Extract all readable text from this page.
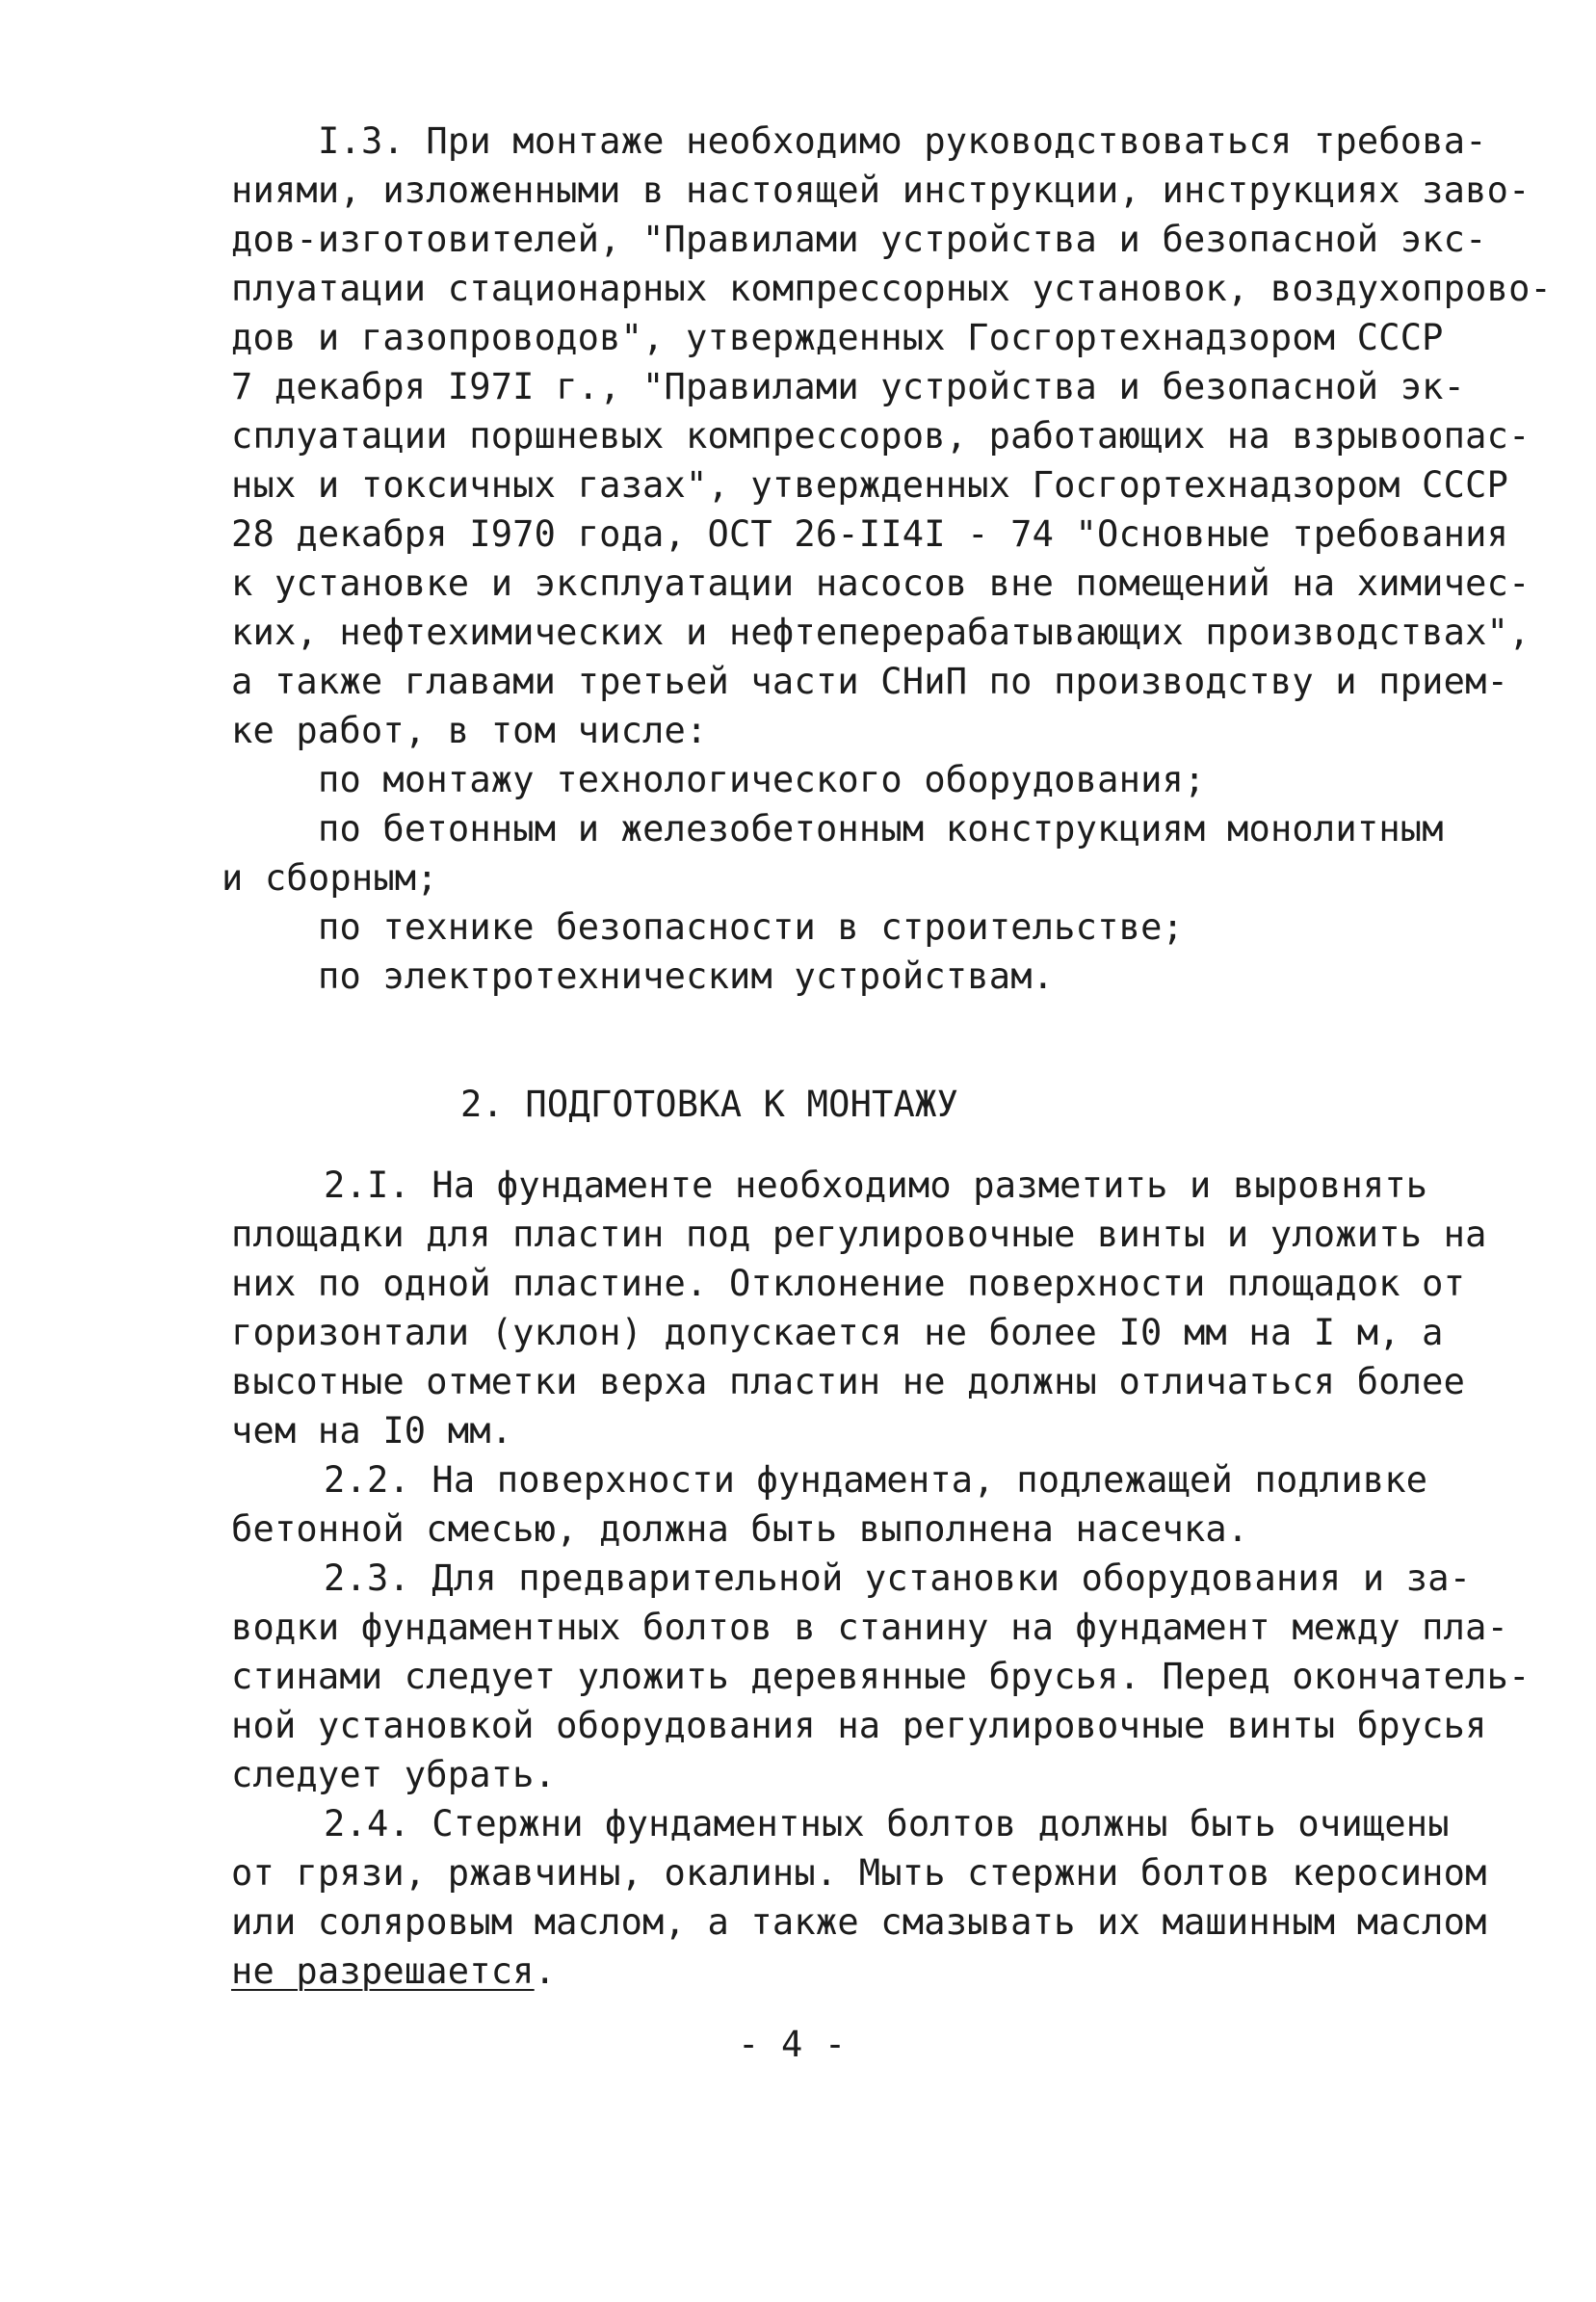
I.3. При монтаже необходимо руководствоваться требова-
ниями, изложенными в настоящей инструкции, инструкциях заво-
дов-изготовителей, "Правилами устройства и безопасной экс-
плуатации стационарных компрессорных установок, воздухопрово-
дов и газопроводов", утвержденных Госгортехнадзором СССР
7 декабря I97I г., "Правилами устройства и безопасной эк-
сплуатации поршневых компрессоров, работающих на взрывоопас-
ных и токсичных газах", утвержденных Госгортехнадзором СССР
28 декабря I970 года, ОСТ 26-II4I - 74 "Основные требования
к установке и эксплуатации насосов вне помещений на химичес-
ких, нефтехимических и нефтеперерабатывающих производствах",
а также главами третьей части СНиП по производству и прием-
ке работ, в том числе:
по монтажу технологического оборудования;
по бетонным и железобетонным конструкциям монолитным
и сборным;
по технике безопасности в строительстве;
по электротехническим устройствам.
2. ПОДГОТОВКА К МОНТАЖУ
2.I. На фундаменте необходимо разметить и выровнять
площадки для пластин под регулировочные винты и уложить на
них по одной пластине. Отклонение поверхности площадок от
горизонтали (уклон) допускается не более I0 мм на I м, а
высотные отметки верха пластин не должны отличаться более
чем на I0 мм.
2.2. На поверхности фундамента, подлежащей подливке
бетонной смесью, должна быть выполнена насечка.
2.3. Для предварительной установки оборудования и за-
водки фундаментных болтов в станину на фундамент между пла-
стинами следует уложить деревянные брусья. Перед окончатель-
ной установкой оборудования на регулировочные винты брусья
следует убрать.
2.4. Стержни фундаментных болтов должны быть очищены
от грязи, ржавчины, окалины. Мыть стержни болтов керосином
или соляровым маслом, а также смазывать их машинным маслом
не разрешается.
- 4 -
